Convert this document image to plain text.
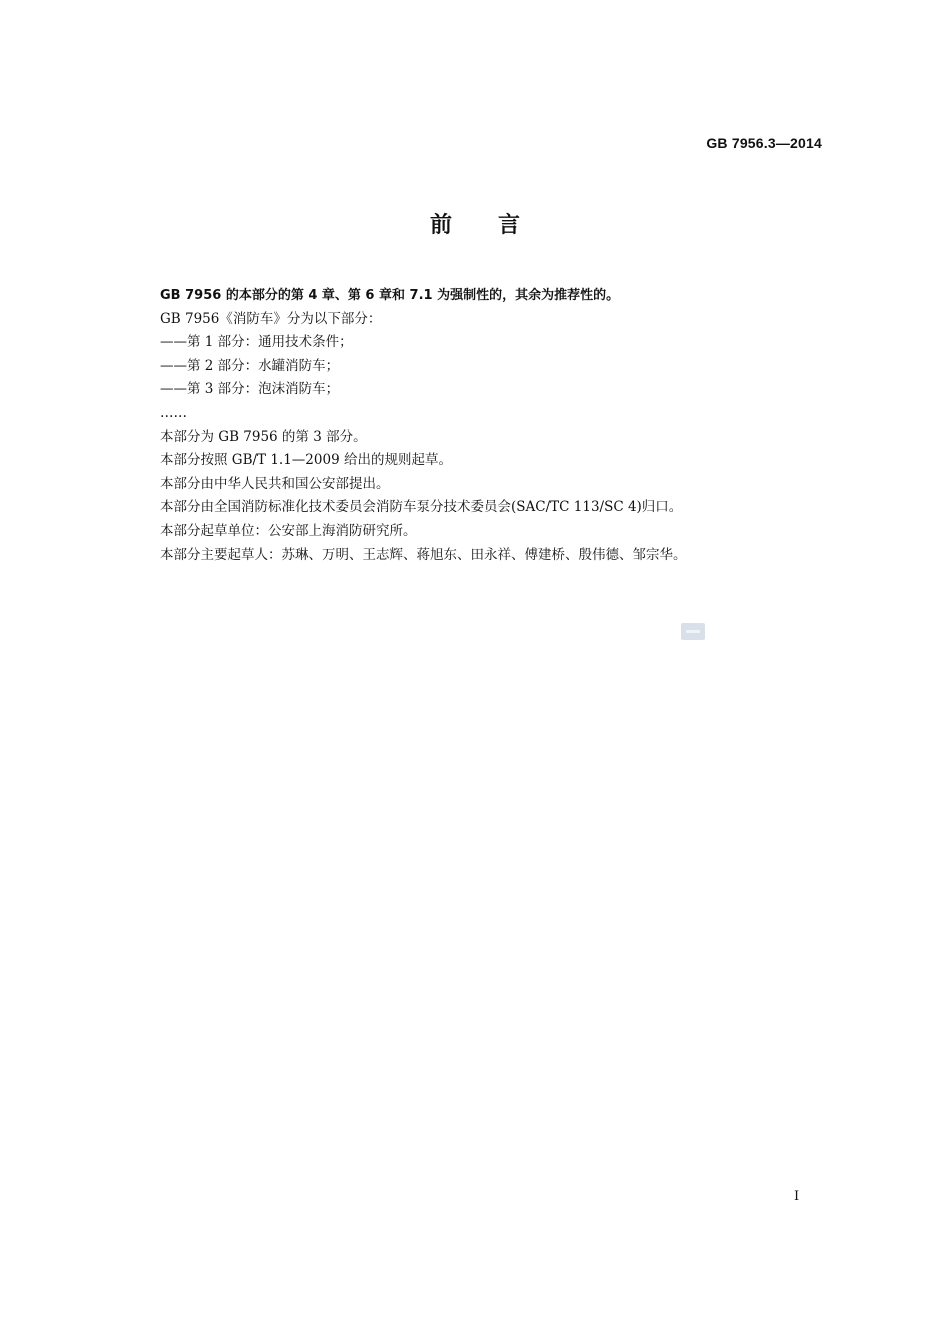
GB 7956.3—2014
前言
GB 7956 的本部分的第 4 章、第 6 章和 7.1 为强制性的，其余为推荐性的。
GB 7956《消防车》分为以下部分：
——第 1 部分：通用技术条件；
——第 2 部分：水罐消防车；
——第 3 部分：泡沫消防车；
……
本部分为 GB 7956 的第 3 部分。
本部分按照 GB/T 1.1—2009 给出的规则起草。
本部分由中华人民共和国公安部提出。
本部分由全国消防标准化技术委员会消防车泵分技术委员会(SAC/TC 113/SC 4)归口。
本部分起草单位：公安部上海消防研究所。
本部分主要起草人：苏琳、万明、王志辉、蒋旭东、田永祥、傅建桥、殷伟德、邹宗华。
I
